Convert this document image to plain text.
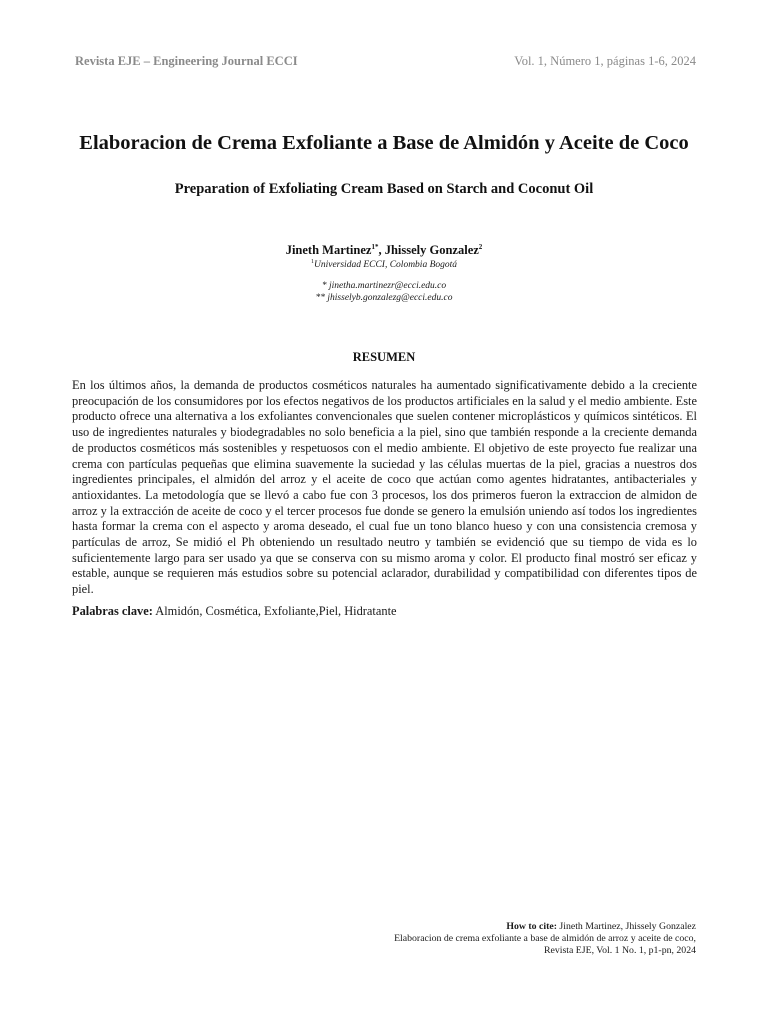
Revista EJE – Engineering Journal ECCI	Vol. 1, Número 1, páginas 1-6, 2024
Elaboracion de Crema Exfoliante a Base de Almidón y Aceite de Coco
Preparation of Exfoliating Cream Based on Starch and Coconut Oil
Jineth Martinez$^{1*}$, Jhissely Gonzalez$^2$
$^1$Universidad ECCI, Colombia Bogotá
* jinetha.martinezr@ecci.edu.co
** jhisselyb.gonzalezg@ecci.edu.co
RESUMEN

En los últimos años, la demanda de productos cosméticos naturales ha aumentado significativamente debido a la creciente preocupación de los consumidores por los efectos negativos de los productos artificiales en la salud y el medio ambiente. Este producto ofrece una alternativa a los exfoliantes convencionales que suelen contener microplásticos y químicos sintéticos. El uso de ingredientes naturales y biodegradables no solo beneficia a la piel, sino que también responde a la creciente demanda de productos cosméticos más sostenibles y respetuosos con el medio ambiente. El objetivo de este proyecto fue realizar una crema con partículas pequeñas que elimina suavemente la suciedad y las células muertas de la piel, gracias a nuestros dos ingredientes principales, el almidón del arroz y el aceite de coco que actúan como agentes hidratantes, antibacteriales y antioxidantes. La metodología que se llevó a cabo fue con 3 procesos, los dos primeros fueron la extraccion de almidon de arroz y la extracción de aceite de coco y el tercer procesos fue donde se genero la emulsión uniendo así todos los ingredientes hasta formar la crema con el aspecto y aroma deseado, el cual fue un tono blanco hueso y con una consistencia cremosa y partículas de arroz, Se midió el Ph obteniendo un resultado neutro y también se evidenció que su tiempo de vida es lo suficientemente largo para ser usado ya que se conserva con su mismo aroma y color. El producto final mostró ser eficaz y estable, aunque se requieren más estudios sobre su potencial aclarador, durabilidad y compatibilidad con diferentes tipos de piel.

Palabras clave: Almidón, Cosmética, Exfoliante,Piel, Hidratante
How to cite: Jineth Martinez, Jhissely Gonzalez
Elaboracion de crema exfoliante a base de almidón de arroz y aceite de coco,
Revista EJE, Vol. 1 No. 1, p1-pn, 2024
